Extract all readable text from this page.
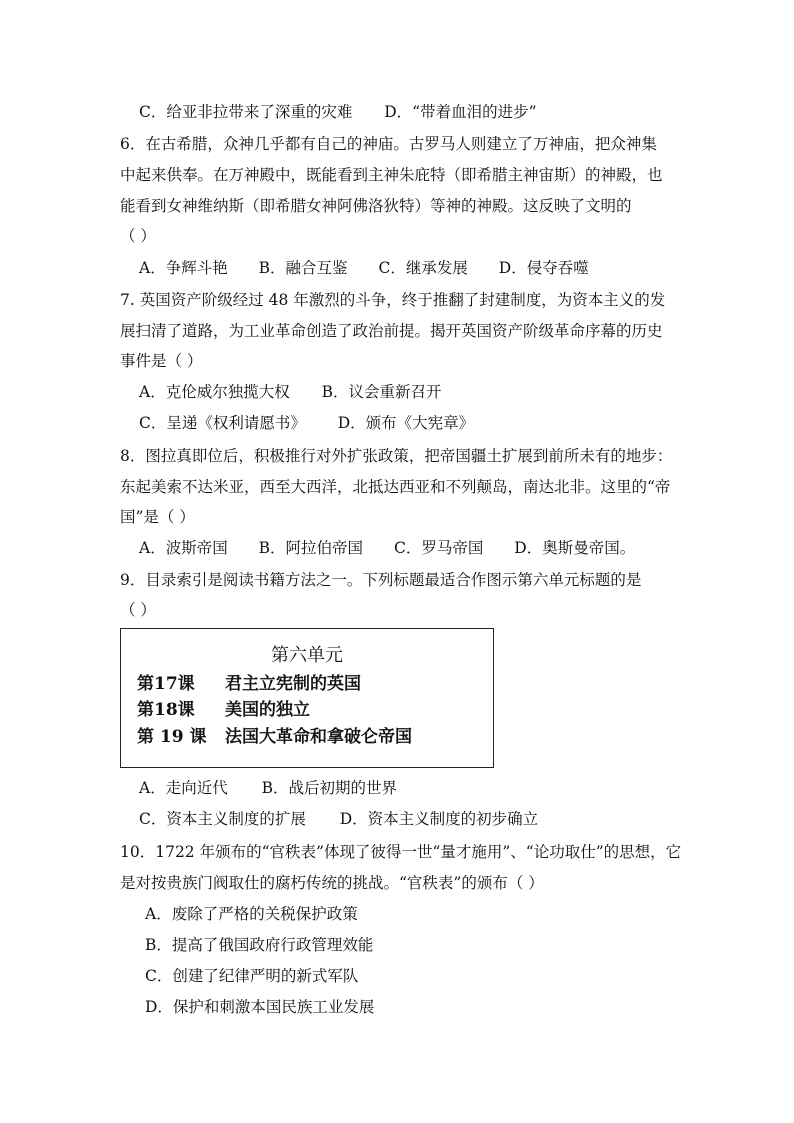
C．给亚非拉带来了深重的灾难 D．“带着血泪的进步”
6．在古希腊，众神几乎都有自己的神庙。古罗马人则建立了万神庙，把众神集
中起来供奉。在万神殿中，既能看到主神朱庇特（即希腊主神宙斯）的神殿，也
能看到女神维纳斯（即希腊女神阿佛洛狄特）等神的神殿。这反映了文明的
（ ）
A．争辉斗艳 B．融合互鉴 C．继承发展 D．侵夺吞噬
7. 英国资产阶级经过 48 年激烈的斗争，终于推翻了封建制度，为资本主义的发
展扫清了道路，为工业革命创造了政治前提。揭开英国资产阶级革命序幕的历史
事件是（ ）
A．克伦威尔独揽大权 B．议会重新召开
C．呈递《权利请愿书》 D．颁布《大宪章》
8．图拉真即位后，积极推行对外扩张政策，把帝国疆土扩展到前所未有的地步：
东起美索不达米亚，西至大西洋，北抵达西亚和不列颠岛，南达北非。这里的“帝
国”是（ ）
A．波斯帝国 B．阿拉伯帝国 C．罗马帝国 D．奥斯曼帝国。
9．目录索引是阅读书籍方法之一。下列标题最适合作图示第六单元标题的是
（ ）
第六单元
第17课 君主立宪制的英国
第18课 美国的独立
第 19 课 法国大革命和拿破仑帝国
A．走向近代 B．战后初期的世界
C．资本主义制度的扩展 D．资本主义制度的初步确立
10．1722 年颁布的“官秩表”体现了彼得一世“量才施用”、“论功取仕”的思想，它
是对按贵族门阀取仕的腐朽传统的挑战。“官秩表”的颁布（ ）
A．废除了严格的关税保护政策
B．提高了俄国政府行政管理效能
C．创建了纪律严明的新式军队
D．保护和刺激本国民族工业发展
